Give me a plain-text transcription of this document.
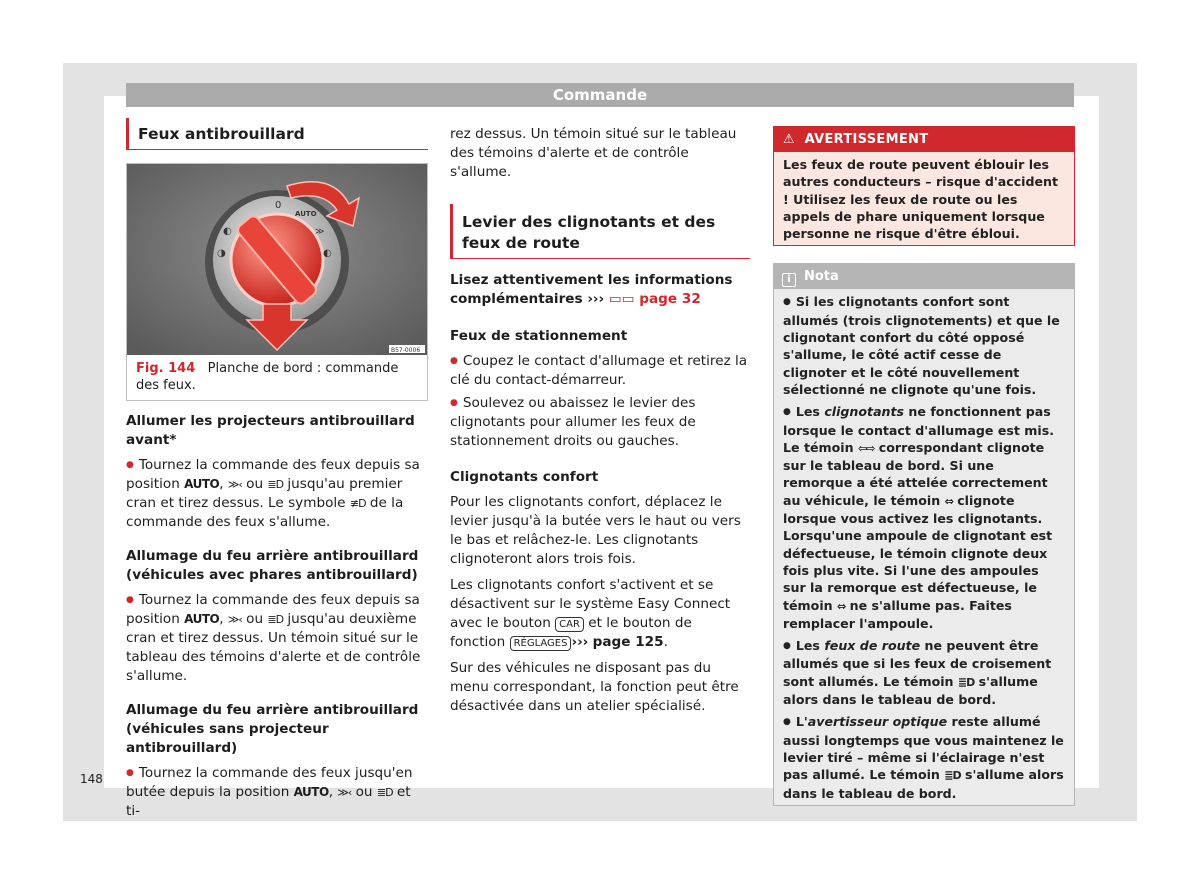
Commande
Feux antibrouillard
0
AUTO
≫
◐
◐
◑
B57-0006
Fig. 144 Planche de bord : commande des feux.

Allumer les projecteurs antibrouillard avant*

● Tournez la commande des feux depuis sa position AUTO, ≫‹ ou ≣D jusqu'au premier cran et tirez dessus. Le symbole ≢D de la commande des feux s'allume.

Allumage du feu arrière antibrouillard (véhicules avec phares antibrouillard)

● Tournez la commande des feux depuis sa position AUTO, ≫‹ ou ≣D jusqu'au deuxième cran et tirez dessus. Un témoin situé sur le tableau des témoins d'alerte et de contrôle s'allume.

Allumage du feu arrière antibrouillard (véhicules sans projecteur antibrouillard)

● Tournez la commande des feux jusqu'en butée depuis la position AUTO, ≫‹ ou ≣D et ti-

rez dessus. Un témoin situé sur le tableau des témoins d'alerte et de contrôle s'allume.

Levier des clignotants et des feux de route

Lisez attentivement les informations complémentaires ››› ▭▭ page 32

Feux de stationnement

● Coupez le contact d'allumage et retirez la clé du contact-démarreur.

● Soulevez ou abaissez le levier des clignotants pour allumer les feux de stationnement droits ou gauches.

Clignotants confort

Pour les clignotants confort, déplacez le levier jusqu'à la butée vers le haut ou vers le bas et relâchez-le. Les clignotants clignoteront alors trois fois.

Les clignotants confort s'activent et se désactivent sur le système Easy Connect avec le bouton CAR et le bouton de fonction RÉGLAGES ››› page 125.

Sur des véhicules ne disposant pas du menu correspondant, la fonction peut être désactivée dans un atelier spécialisé.

⚠ AVERTISSEMENT
Les feux de route peuvent éblouir les autres conducteurs – risque d'accident ! Utilisez les feux de route ou les appels de phare uniquement lorsque personne ne risque d'être ébloui.
i Nota

● Si les clignotants confort sont allumés (trois clignotements) et que le clignotant confort du côté opposé s'allume, le côté actif cesse de clignoter et le côté nouvellement sélectionné ne clignote qu'une fois.

● Les clignotants ne fonctionnent pas lorsque le contact d'allumage est mis. Le témoin ⇦⇨ correspondant clignote sur le tableau de bord. Si une remorque a été attelée correctement au véhicule, le témoin ⇔ clignote lorsque vous activez les clignotants. Lorsqu'une ampoule de clignotant est défectueuse, le témoin clignote deux fois plus vite. Si l'une des ampoules sur la remorque est défectueuse, le témoin ⇔ ne s'allume pas. Faites remplacer l'ampoule.

● Les feux de route ne peuvent être allumés que si les feux de croisement sont allumés. Le témoin ≣D s'allume alors dans le tableau de bord.

● L'avertisseur optique reste allumé aussi longtemps que vous maintenez le levier tiré – même si l'éclairage n'est pas allumé. Le témoin ≣D s'allume alors dans le tableau de bord.

148
